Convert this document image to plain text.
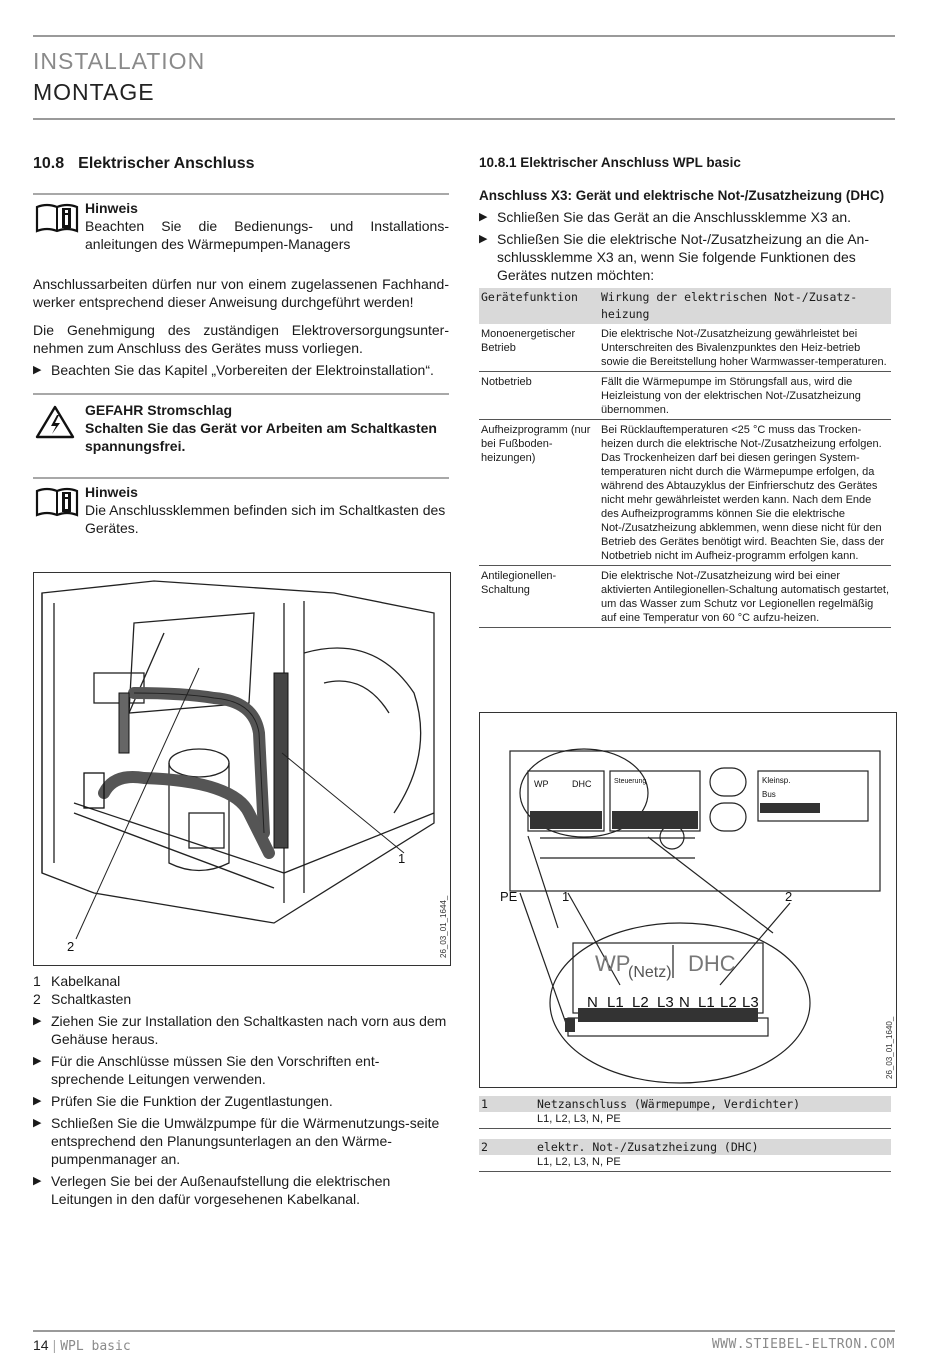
INSTALLATION
MONTAGE
10.8 Elektrischer Anschluss
Hinweis
Beachten Sie die Bedienungs- und Installations-anleitungen des Wärmepumpen-Managers

Anschlussarbeiten dürfen nur von einem zugelassenen Fachhand-werker entsprechend dieser Anweisung durchgeführt werden!

Die Genehmigung des zuständigen Elektroversorgungsunter-nehmen zum Anschluss des Gerätes muss vorliegen.

▶ Beachten Sie das Kapitel „Vorbereiten der Elektroinstallation“.
GEFAHR Stromschlag
Schalten Sie das Gerät vor Arbeiten am Schaltkasten spannungsfrei.
Hinweis
Die Anschlussklemmen befinden sich im Schaltkasten des Gerätes.
1
2	26_03_01_1644_
1 Kabelkanal
2 Schaltkasten
▶ Ziehen Sie zur Installation den Schaltkasten nach vorn aus dem Gehäuse heraus.
▶ Für die Anschlüsse müssen Sie den Vorschriften ent-sprechende Leitungen verwenden.
▶ Prüfen Sie die Funktion der Zugentlastungen.
▶ Schließen Sie die Umwälzpumpe für die Wärmenutzungs-seite entsprechend den Planungsunterlagen an den Wärme-pumpenmanager an.
▶ Verlegen Sie bei der Außenaufstellung die elektrischen Leitungen in den dafür vorgesehenen Kabelkanal.
10.8.1 Elektrischer Anschluss WPL basic
Anschluss X3: Gerät und elektrische Not-/Zusatzheizung (DHC)
▶ Schließen Sie das Gerät an die Anschlussklemme X3 an.
▶ Schließen Sie die elektrische Not-/Zusatzheizung an die An-schlussklemme X3 an, wenn Sie folgende Funktionen des Gerätes nutzen möchten:
Gerätefunktion	Wirkung der elektrischen Not-/Zusatz-heizung
Monoenergetischer Betrieb	Die elektrische Not-/Zusatzheizung gewährleistet bei Unterschreiten des Bivalenzpunktes den Heiz-betrieb sowie die Bereitstellung hoher Warmwasser-temperaturen.
Notbetrieb	Fällt die Wärmepumpe im Störungsfall aus, wird die Heizleistung von der elektrischen Not-/Zusatzheizung übernommen.
Aufheizprogramm (nur bei Fußboden-heizungen)	Bei Rücklauftemperaturen <25 °C muss das Trocken-heizen durch die elektrische Not-/Zusatzheizung erfolgen. Das Trockenheizen darf bei diesen geringen System-temperaturen nicht durch die Wärmepumpe erfolgen, da während des Abtauzyklus der Einfrierschutz des Gerätes nicht mehr gewährleistet werden kann. Nach dem Ende des Aufheizprogramms können Sie die elektrische Not-/Zusatzheizung abklemmen, wenn diese nicht für den Betrieb des Gerätes benötigt wird. Beachten Sie, dass der Notbetrieb nicht im Aufheiz-programm erfolgen kann.
Antilegionellen-Schaltung	Die elektrische Not-/Zusatzheizung wird bei einer aktivierten Antilegionellen-Schaltung automatisch gestartet, um das Wasser zum Schutz vor Legionellen regelmäßig auf eine Temperatur von 60 °C aufzu-heizen.
WP	DHC	Steuerung	Kleinsp.
Bus
PE	1	2
WP
(Netz) DHC
N L1 L2 L3 N L1 L2 L3
26_03_01_1640_
1	Netzanschluss (Wärmepumpe, Verdichter)
	L1, L2, L3, N, PE

2	elektr. Not-/Zusatzheizung (DHC)
	L1, L2, L3, N, PE
14 | WPL basic	WWW.STIEBEL-ELTRON.COM
